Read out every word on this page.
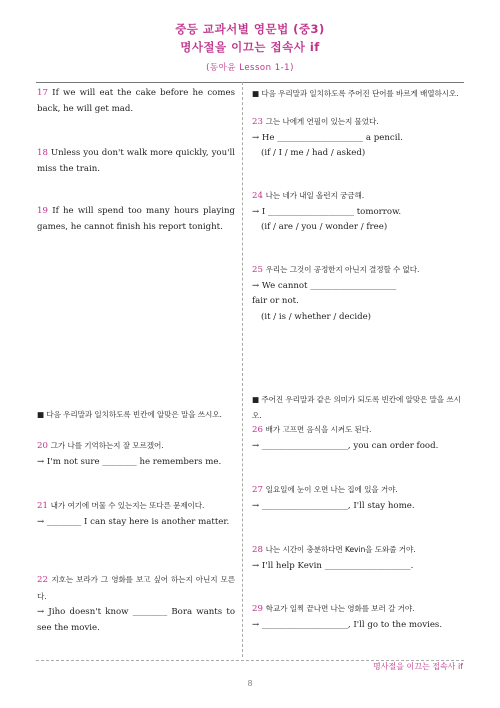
중등 교과서별 영문법 (중3)
명사절을 이끄는 접속사 if
(동아윤 Lesson 1-1)
17 If we will eat the cake before he comes back, he will get mad.
18 Unless you don't walk more quickly, you'll miss the train.
19 If he will spend too many hours playing games, he cannot finish his report tonight.
■ 다음 우리말과 일치하도록 빈칸에 알맞은 말을 쓰시오.
20 그가 나를 기억하는지 잘 모르겠어.
→ I'm not sure ________ he remembers me.
21 내가 여기에 머물 수 있는지는 또다른 문제이다.
→ ________ I can stay here is another matter.
22 지호는 보라가 그 영화를 보고 싶어 하는지 아닌지 모른다.
→ Jiho doesn't know ________ Bora wants to see the movie.
■ 다음 우리말과 일치하도록 주어진 단어를 바르게 배열하시오.
23 그는 나에게 연필이 있는지 물었다.
→ He ____________________ a pencil.
(if / I / me / had / asked)
24 나는 네가 내일 올런지 궁금해.
→ I ____________________ tomorrow.
(if / are / you / wonder / free)
25 우리는 그것이 공정한지 아닌지 결정할 수 없다.
→ We cannot ____________________
fair or not.
(it / is / whether / decide)
■ 주어진 우리말과 같은 의미가 되도록 빈칸에 알맞은 말을 쓰시오.
26 배가 고프면 음식을 시켜도 된다.
→ ____________________, you can order food.
27 일요일에 눈이 오면 나는 집에 있을 거야.
→ ____________________, I'll stay home.
28 나는 시간이 충분하다면 Kevin을 도와줄 거야.
→ I'll help Kevin ____________________.
29 학교가 일찍 끝나면 나는 영화를 보러 갈 거야.
→ ____________________, I'll go to the movies.
명사절을 이끄는 접속사 if
8
